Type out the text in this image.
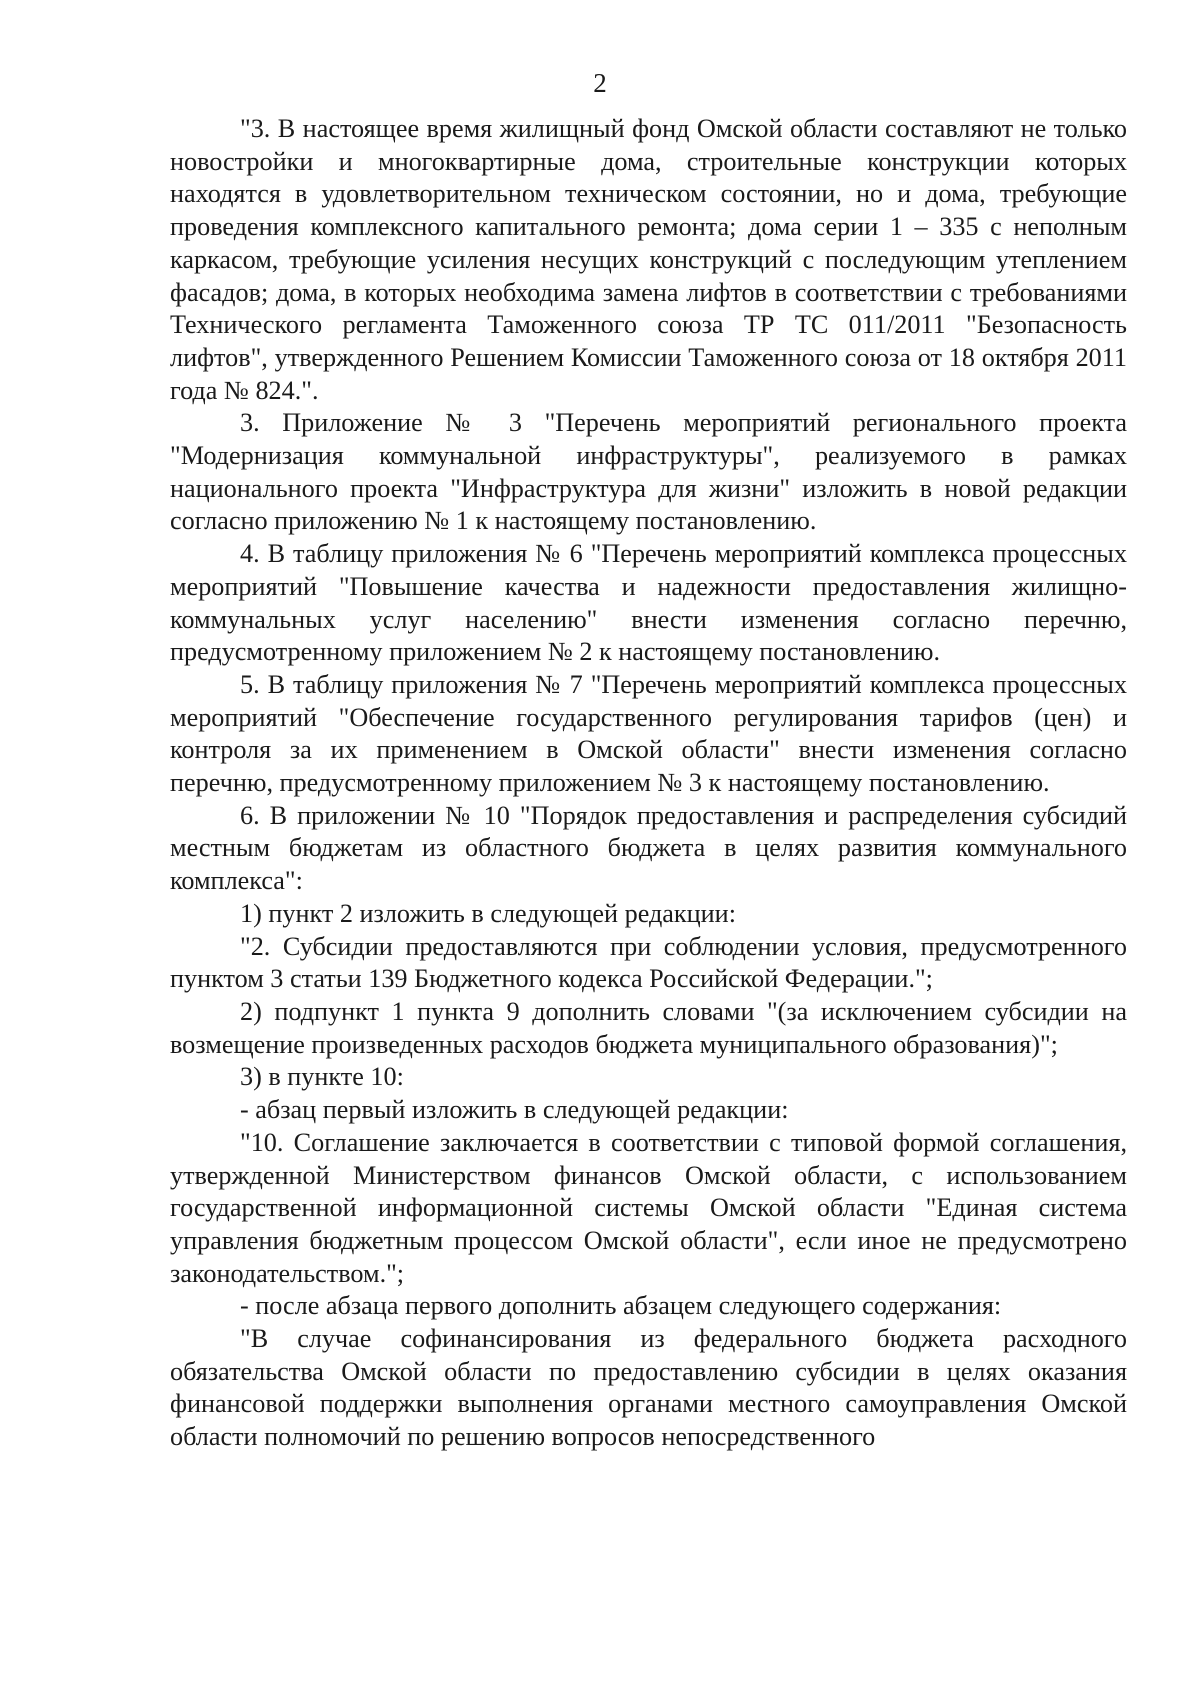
2

"3. В настоящее время жилищный фонд Омской области составляют не только новостройки и многоквартирные дома, строительные конструкции которых находятся в удовлетворительном техническом состоянии, но и дома, требующие проведения комплексного капитального ремонта; дома серии 1 – 335 с неполным каркасом, требующие усиления несущих конструкций с последующим утеплением фасадов; дома, в которых необходима замена лифтов в соответствии с требованиями Технического регламента Таможенного союза ТР ТС 011/2011 "Безопасность лифтов", утвержденного Решением Комиссии Таможенного союза от 18 октября 2011 года № 824.".

3. Приложение № 3 "Перечень мероприятий регионального проекта "Модернизация коммунальной инфраструктуры", реализуемого в рамках национального проекта "Инфраструктура для жизни" изложить в новой редакции согласно приложению № 1 к настоящему постановлению.

4. В таблицу приложения № 6 "Перечень мероприятий комплекса процессных мероприятий "Повышение качества и надежности предоставления жилищно-коммунальных услуг населению" внести изменения согласно перечню, предусмотренному приложением № 2 к настоящему постановлению.

5. В таблицу приложения № 7 "Перечень мероприятий комплекса процессных мероприятий "Обеспечение государственного регулирования тарифов (цен) и контроля за их применением в Омской области" внести изменения согласно перечню, предусмотренному приложением № 3 к настоящему постановлению.

6. В приложении № 10 "Порядок предоставления и распределения субсидий местным бюджетам из областного бюджета в целях развития коммунального комплекса":

1) пункт 2 изложить в следующей редакции:

"2. Субсидии предоставляются при соблюдении условия, предусмотренного пунктом 3 статьи 139 Бюджетного кодекса Российской Федерации.";

2) подпункт 1 пункта 9 дополнить словами "(за исключением субсидии на возмещение произведенных расходов бюджета муниципального образования)";

3) в пункте 10:

- абзац первый изложить в следующей редакции:

"10. Соглашение заключается в соответствии с типовой формой соглашения, утвержденной Министерством финансов Омской области, с использованием государственной информационной системы Омской области "Единая система управления бюджетным процессом Омской области", если иное не предусмотрено законодательством.";

- после абзаца первого дополнить абзацем следующего содержания:

"В случае софинансирования из федерального бюджета расходного обязательства Омской области по предоставлению субсидии в целях оказания финансовой поддержки выполнения органами местного самоуправления Омской области полномочий по решению вопросов непосредственного
